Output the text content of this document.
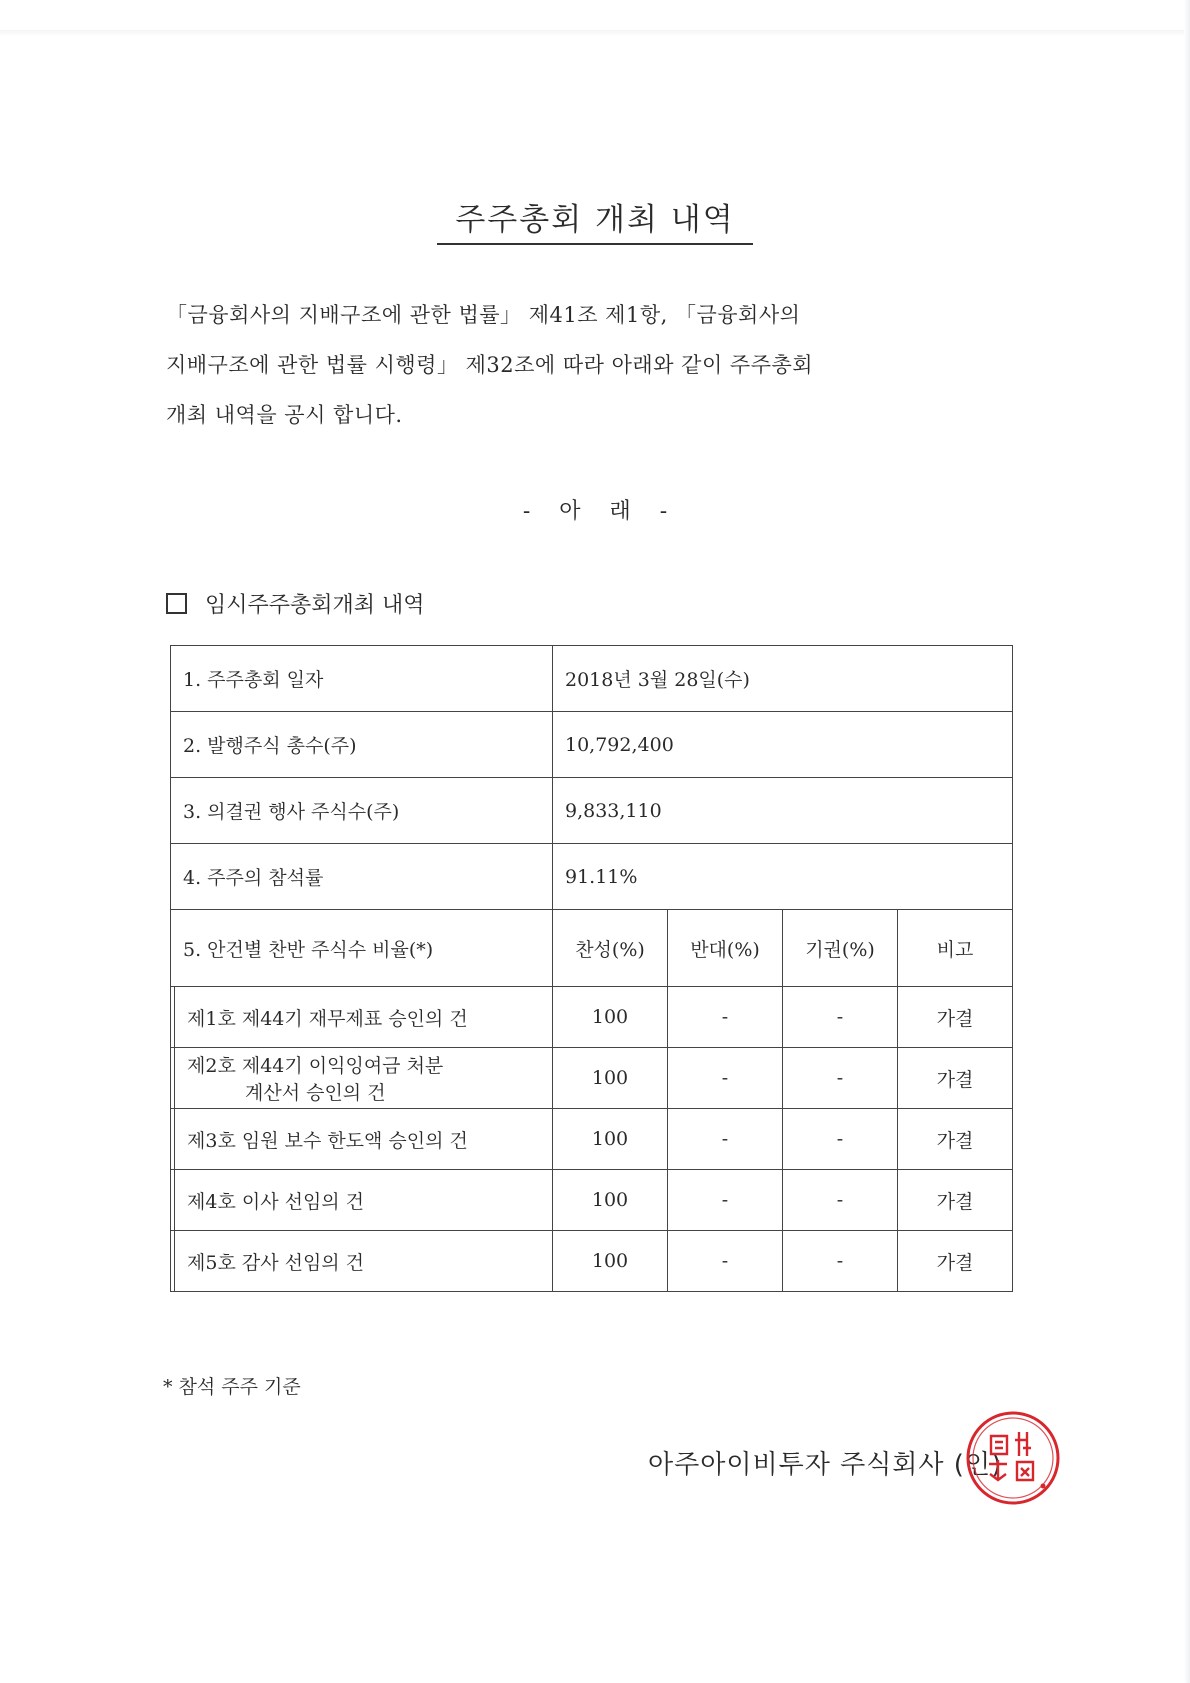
주주총회 개최 내역
「금융회사의 지배구조에 관한 법률」 제41조 제1항, 「금융회사의
지배구조에 관한 법률 시행령」 제32조에 따라 아래와 같이 주주총회
개최 내역을 공시 합니다.
- 아 래 -
임시주주총회개최 내역
1. 주주총회 일자		2018년 3월 28일(수)			
2. 발행주식 총수(주)		10,792,400			
3. 의결권 행사 주식수(주)		9,833,110			
4. 주주의 참석률		91.11%			
5. 안건별 찬반 주식수 비율(*)		찬성(%)	반대(%)	기권(%)	비고
	제1호 제44기 재무제표 승인의 건	100	-	-	가결

	제2호 제44기 이익잉여금 처분
계산서 승인의 건	100	-	-	가결
	제3호 임원 보수 한도액 승인의 건	100	-	-	가결
	제4호 이사 선임의 건	100	-	-	가결
	제5호 감사 선임의 건	100	-	-	가결
* 참석 주주 기준
아주아이비투자 주식회사 (인)
